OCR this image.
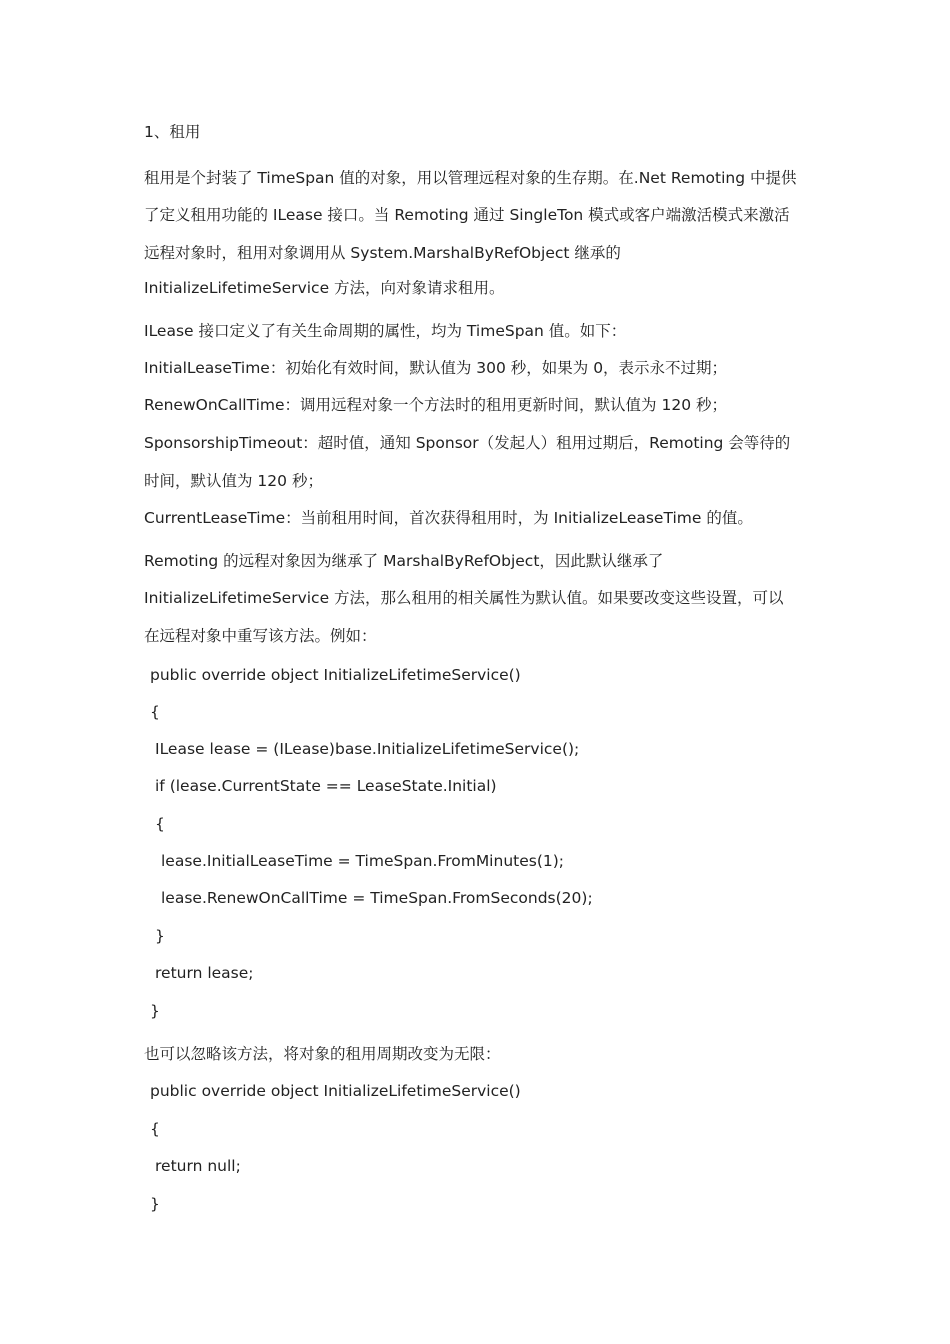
1、租用
租用是个封装了 TimeSpan 值的对象，用以管理远程对象的生存期。在.Net Remoting 中提供
了定义租用功能的 ILease 接口。当 Remoting 通过 SingleTon 模式或客户端激活模式来激活
远程对象时，租用对象调用从 System.MarshalByRefObject 继承的
InitializeLifetimeService 方法，向对象请求租用。
ILease 接口定义了有关生命周期的属性，均为 TimeSpan 值。如下：
InitialLeaseTime：初始化有效时间，默认值为 300 秒，如果为 0，表示永不过期；
RenewOnCallTime：调用远程对象一个方法时的租用更新时间，默认值为 120 秒；
SponsorshipTimeout：超时值，通知 Sponsor（发起人）租用过期后，Remoting 会等待的
时间，默认值为 120 秒；
CurrentLeaseTime：当前租用时间，首次获得租用时，为 InitializeLeaseTime 的值。
Remoting 的远程对象因为继承了 MarshalByRefObject，因此默认继承了
InitializeLifetimeService 方法，那么租用的相关属性为默认值。如果要改变这些设置，可以
在远程对象中重写该方法。例如：
public override object InitializeLifetimeService()
{
ILease lease = (ILease)base.InitializeLifetimeService();
if (lease.CurrentState == LeaseState.Initial)
{
lease.InitialLeaseTime = TimeSpan.FromMinutes(1);
lease.RenewOnCallTime = TimeSpan.FromSeconds(20);
}
return lease;
}
也可以忽略该方法，将对象的租用周期改变为无限：
public override object InitializeLifetimeService()
{
return null;
}
